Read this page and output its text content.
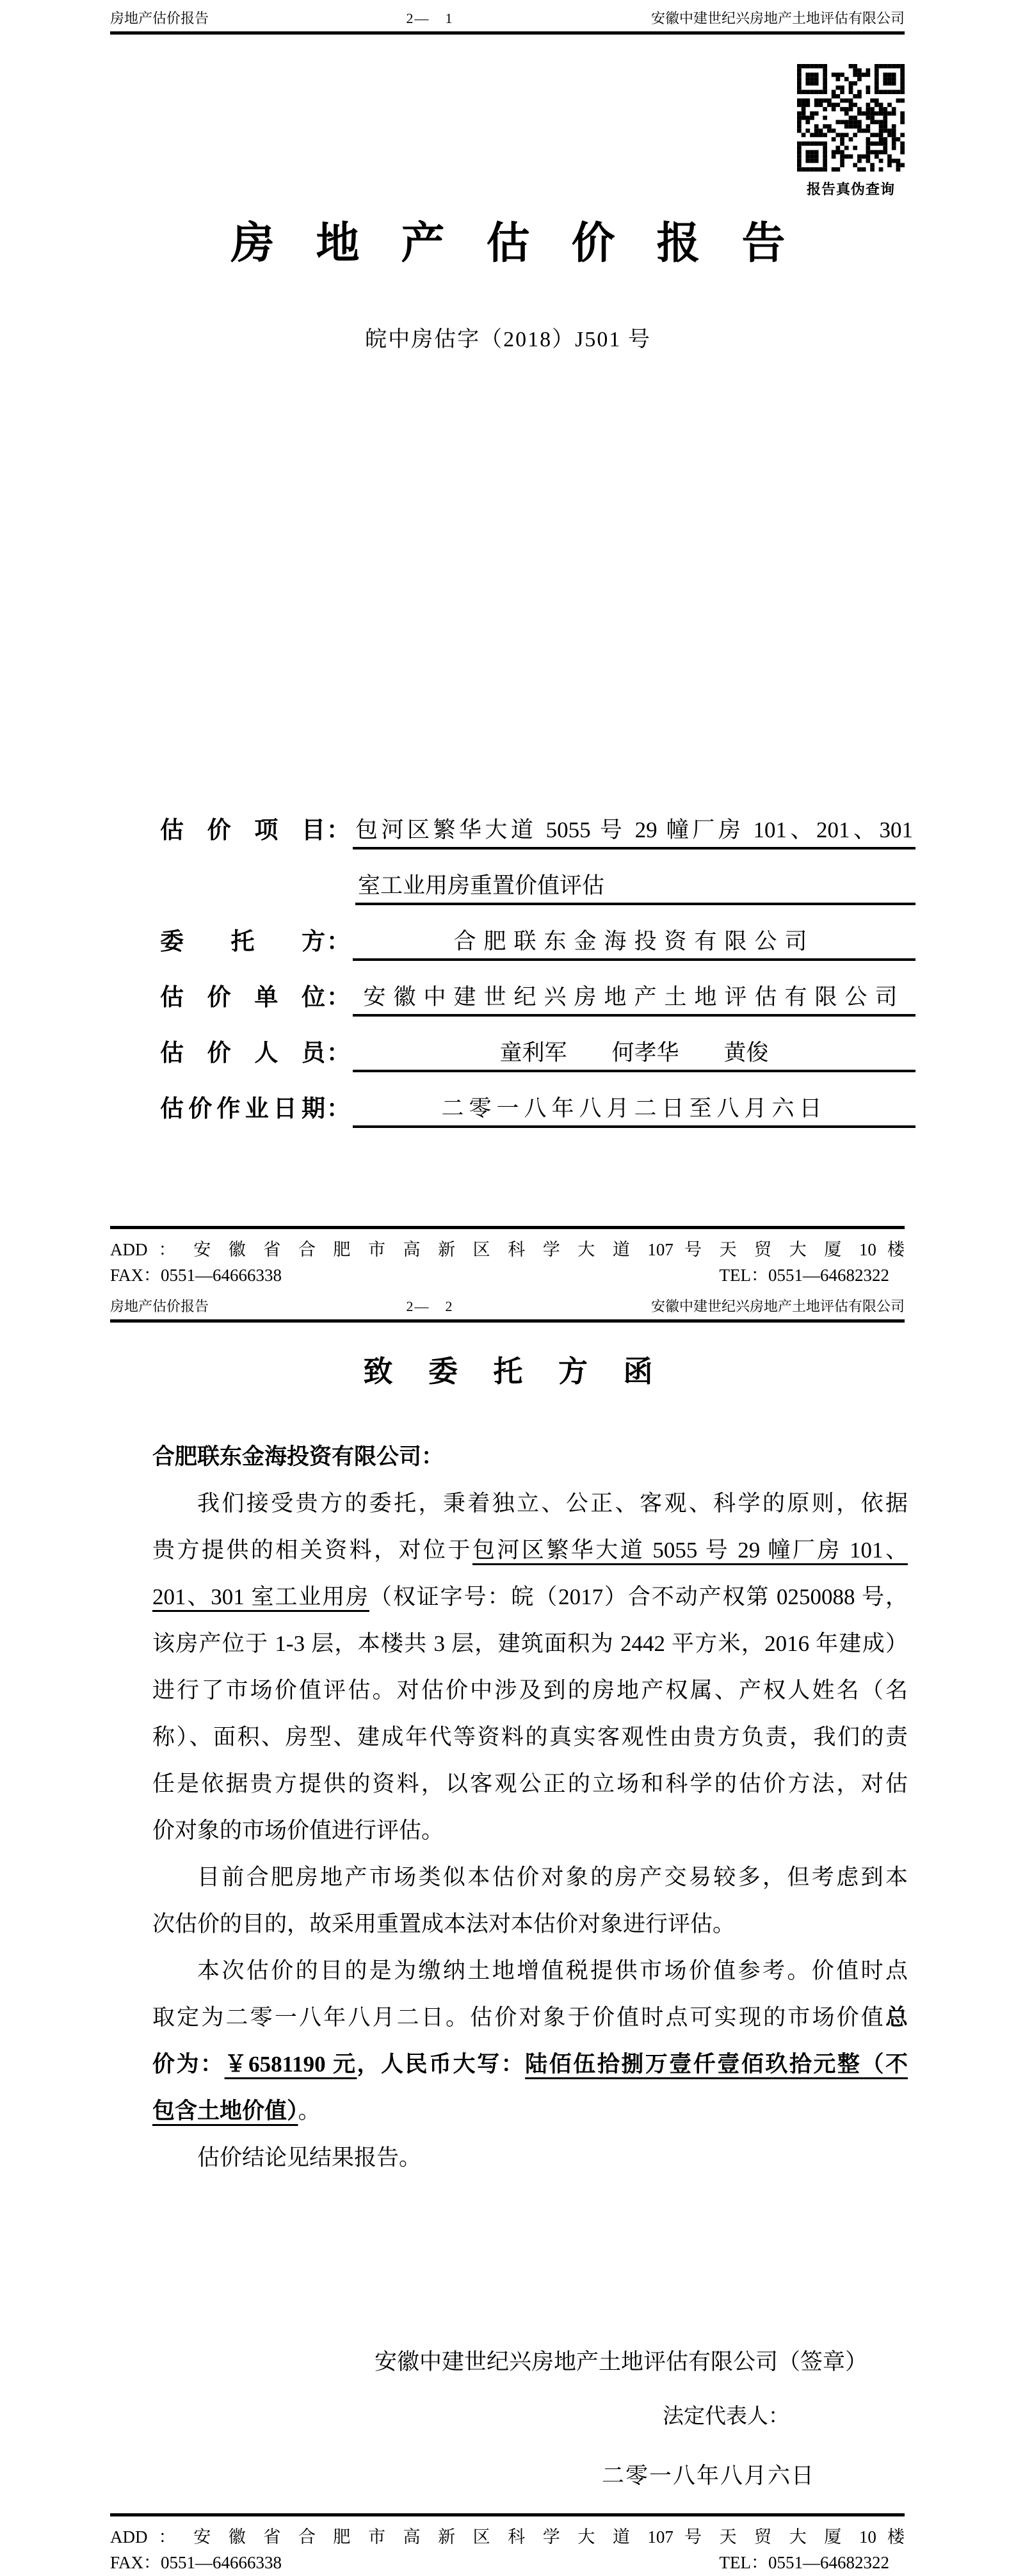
房地产估价报告	2—　1	安徽中建世纪兴房地产土地评估有限公司
报告真伪查询
房 地 产 估 价 报 告
皖中房估字（2018）J501 号
估 价 项 目 ： 包河区繁华大道 5055 号 29 幢厂房 101、201、301
室工业用房重置价值评估
委　托　方 ：	合肥联东金海投资有限公司
估 价 单 位 ： 安徽中建世纪兴房地产土地评估有限公司
估 价 人 员 ：	童利军　　何孝华　　黄俊
估价作业日期 ：	二零一八年八月二日至八月六日
ADD ： 安 徽 省 合 肥 市 高 新 区 科 学 大 道 107 号 天 贸 大 厦 10 楼
FAX：0551—64666338	TEL：0551—64682322
房地产估价报告	2—　2	安徽中建世纪兴房地产土地评估有限公司
致 委 托 方 函
合肥联东金海投资有限公司：
我们接受贵方的委托，秉着独立、公正、客观、科学的原则，依据
贵方提供的相关资料，对位于包河区繁华大道 5055 号 29 幢厂房 101、
201、301 室工业用房（权证字号：皖（2017）合不动产权第 0250088 号，
该房产位于 1-3 层，本楼共 3 层，建筑面积为 2442 平方米，2016 年建成）
进行了市场价值评估。对估价中涉及到的房地产权属、产权人姓名（名
称）、面积、房型、建成年代等资料的真实客观性由贵方负责，我们的责
任是依据贵方提供的资料，以客观公正的立场和科学的估价方法，对估
价对象的市场价值进行评估。
目前合肥房地产市场类似本估价对象的房产交易较多，但考虑到本
次估价的目的，故采用重置成本法对本估价对象进行评估。
本次估价的目的是为缴纳土地增值税提供市场价值参考。价值时点
取定为二零一八年八月二日。估价对象于价值时点可实现的市场价值总
价为：￥6581190 元，人民币大写：陆佰伍拾捌万壹仟壹佰玖拾元整（不
包含土地价值）。
估价结论见结果报告。
安徽中建世纪兴房地产土地评估有限公司（签章）
法定代表人：
二零一八年八月六日
ADD ： 安 徽 省 合 肥 市 高 新 区 科 学 大 道 107 号 天 贸 大 厦 10 楼
FAX：0551—64666338	TEL：0551—64682322
